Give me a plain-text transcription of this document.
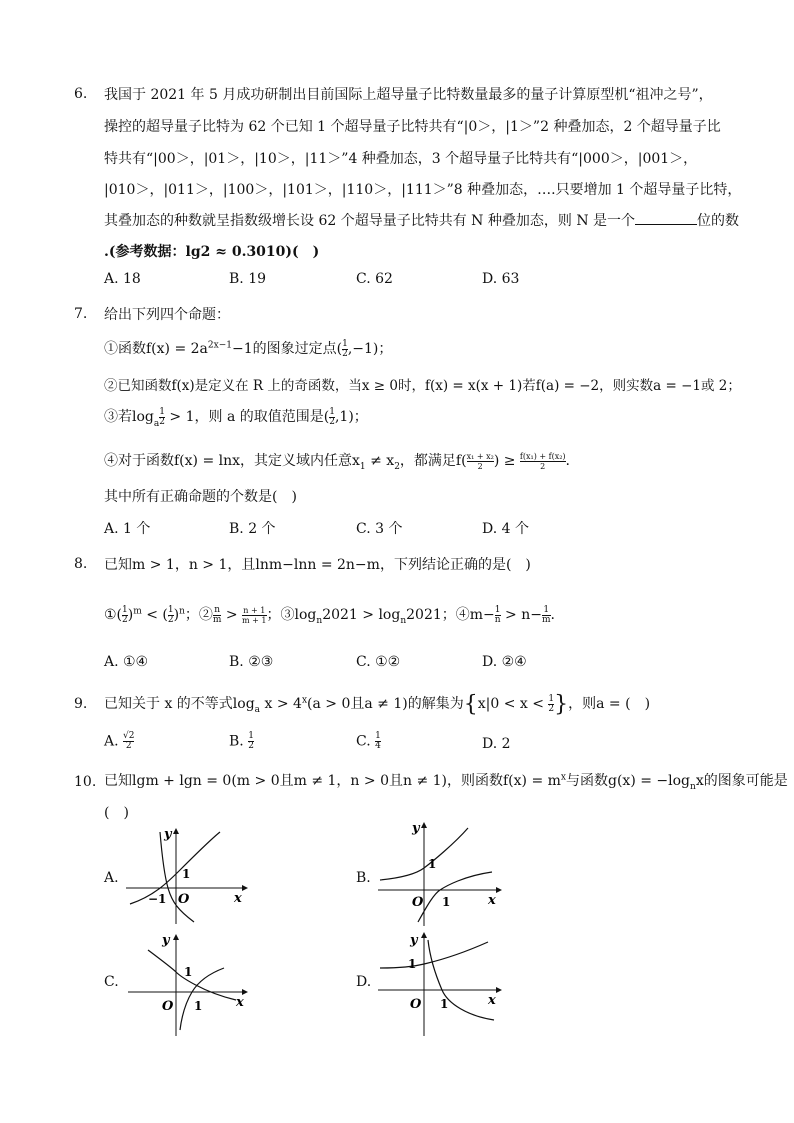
6.	我国于 2021 年 5 月成功研制出目前国际上超导量子比特数量最多的量子计算原型机“祖冲之号”，
操控的超导量子比特为 62 个已知 1 个超导量子比特共有“|0＞，|1＞”2 种叠加态，2 个超导量子比
特共有“|00＞，|01＞，|10＞，|11＞”4 种叠加态，3 个超导量子比特共有“|000＞，|001＞，
|010＞，|011＞，|100＞，|101＞，|110＞，|111＞”8 种叠加态，….只要增加 1 个超导量子比特，
其叠加态的种数就呈指数级增长设 62 个超导量子比特共有 N 种叠加态，则 N 是一个	位的数
.(参考数据：lg2 ≈ 0.3010)(　)
A. 18	B. 19	C. 62	D. 63
7.	给出下列四个命题：
①函数$f(x) = 2a^{2x-1}-1$的图象过定点( $\frac{1}{2} ,-1$)；
②已知函数f(x)是定义在 R 上的奇函数，当x ≥ 0时，f(x) = x(x + 1)若f(a) = −2，则实数a = −1或 2；
③若loga $\frac{1}{2} > 1$，则 a 的取值范围是( $\frac{1}{2} ,1$)；
④对于函数f(x) = lnx，其定义域内任意$x_1 \ne x_2$，都满足$f( \frac{\text{x₁ + x₂}}{2}$ ) ≥ $\frac{\text{f(x₁) + f(x₂)}}{2}$ .
其中所有正确命题的个数是(　)
A. 1 个	B. 2 个	C. 3 个	D. 4 个
8.	已知m > 1，n > 1，且lnm−lnn = 2n−m，下列结论正确的是(　)
①( $\frac{1}{2} )^m$ < ( $\frac{1}{2} )^n$；② $\frac{n}{m} > \frac{n + 1}{m + 1}$ ；$③\log_n2021 > \log_n2021$；④m− $\frac{1}{n} > n- \frac{1}{m}$ .
A. ①④	B. ②③	C. ①②	D. ②④
9.	已知关于 x 的不等式$\log_a x > 4^x(a > 0$且a ≠ 1)的解集为{$x|0 < x < \frac{1}{2}$ }，则a = (　)
A. $\frac{√2}{2}$	B. $\frac{1}{2}$	C. $\frac{1}{4}$	D. 2
10. 已知lgm + lgn = 0(m > 0且m ≠ 1，n > 0且n ≠ 1)，则函数$f(x) = m^x$与函数$g(x) = -\log_nx$的图象可能是
(　)
A.	B.
C.	D.
y
x
O
1
−1
y
x
O
1
1
y
x
O
1
1
y
x
O
1
1
